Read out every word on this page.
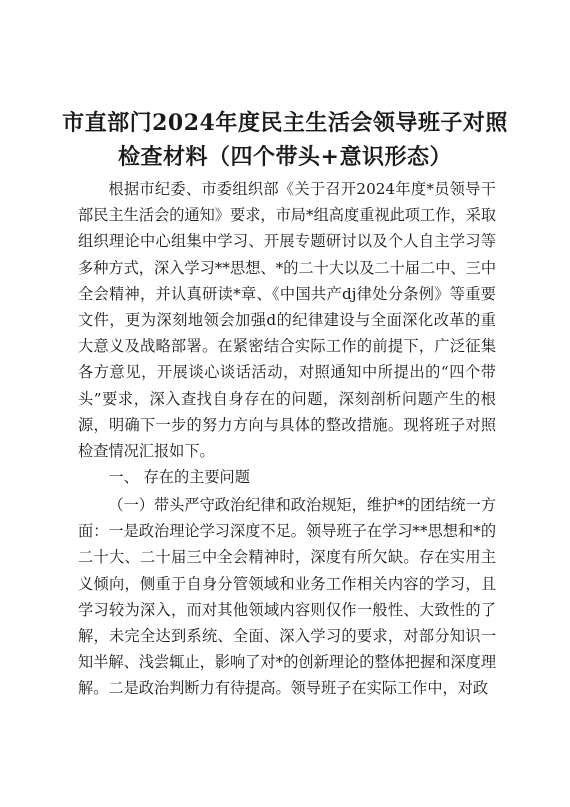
市直部门2024年度民主生活会领导班子对照
检查材料（四个带头+意识形态）

根据市纪委、市委组织部《关于召开2024年度*员领导干部民主生活会的通知》要求，市局*组高度重视此项工作，采取组织理论中心组集中学习、开展专题研讨以及个人自主学习等多种方式，深入学习**思想、*的二十大以及二十届二中、三中全会精神，并认真研读*章、《中国共产dj律处分条例》等重要文件，更为深刻地领会加强d的纪律建设与全面深化改革的重大意义及战略部署。在紧密结合实际工作的前提下，广泛征集各方意见，开展谈心谈话活动，对照通知中所提出的“四个带头”要求，深入查找自身存在的问题，深刻剖析问题产生的根源，明确下一步的努力方向与具体的整改措施。现将班子对照检查情况汇报如下。

一、 存在的主要问题

（一）带头严守政治纪律和政治规矩，维护*的团结统一方面：一是政治理论学习深度不足。领导班子在学习**思想和*的二十大、二十届三中全会精神时，深度有所欠缺。存在实用主义倾向，侧重于自身分管领域和业务工作相关内容的学习，且学习较为深入，而对其他领域内容则仅作一般性、大致性的了解，未完全达到系统、全面、深入学习的要求，对部分知识一知半解、浅尝辄止，影响了对*的创新理论的整体把握和深度理解。二是政治判断力有待提高。领导班子在实际工作中，对政
